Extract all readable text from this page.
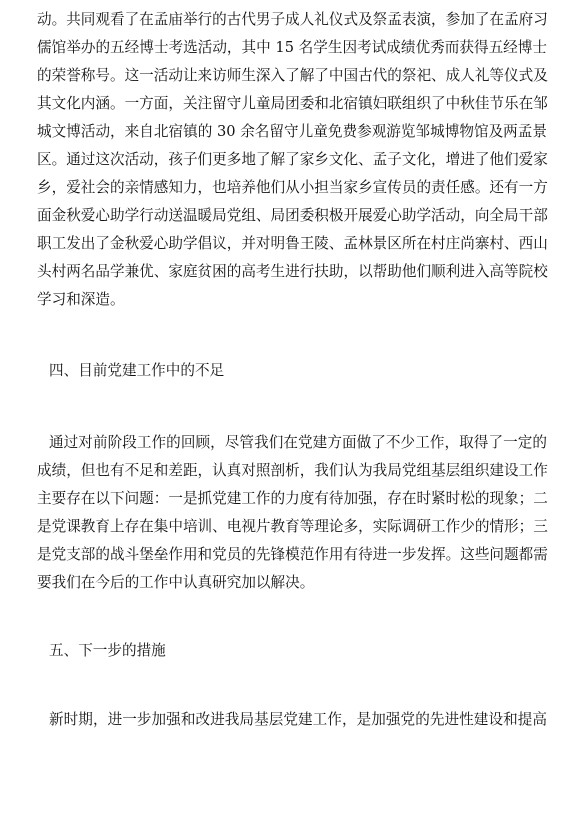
动。共同观看了在孟庙举行的古代男子成人礼仪式及祭孟表演，参加了在孟府习
儒馆举办的五经博士考选活动，其中 15 名学生因考试成绩优秀而获得五经博士
的荣誉称号。这一活动让来访师生深入了解了中国古代的祭祀、成人礼等仪式及
其文化内涵。一方面，关注留守儿童局团委和北宿镇妇联组织了中秋佳节乐在邹
城文博活动，来自北宿镇的 30 余名留守儿童免费参观游览邹城博物馆及两孟景
区。通过这次活动，孩子们更多地了解了家乡文化、孟子文化，增进了他们爱家
乡，爱社会的亲情感知力，也培养他们从小担当家乡宣传员的责任感。还有一方
面金秋爱心助学行动送温暖局党组、局团委积极开展爱心助学活动，向全局干部
职工发出了金秋爱心助学倡议，并对明鲁王陵、孟林景区所在村庄尚寨村、西山
头村两名品学兼优、家庭贫困的高考生进行扶助，以帮助他们顺利进入高等院校
学习和深造。
四、目前党建工作中的不足
通过对前阶段工作的回顾，尽管我们在党建方面做了不少工作，取得了一定的
成绩，但也有不足和差距，认真对照剖析，我们认为我局党组基层组织建设工作
主要存在以下问题：一是抓党建工作的力度有待加强，存在时紧时松的现象；二
是党课教育上存在集中培训、电视片教育等理论多，实际调研工作少的情形；三
是党支部的战斗堡垒作用和党员的先锋模范作用有待进一步发挥。这些问题都需
要我们在今后的工作中认真研究加以解决。
五、下一步的措施
新时期，进一步加强和改进我局基层党建工作，是加强党的先进性建设和提高
